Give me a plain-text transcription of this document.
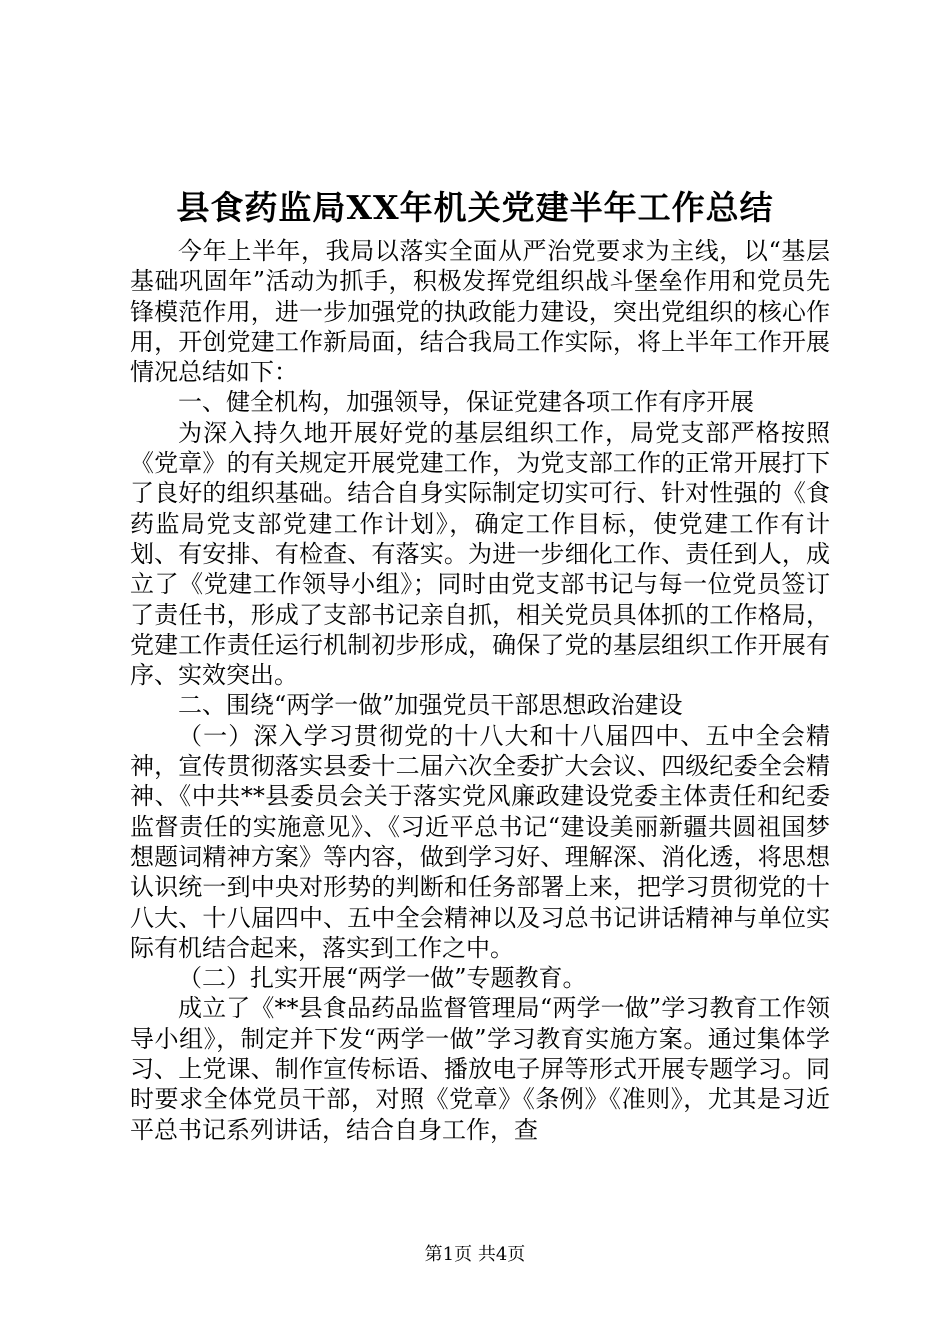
县食药监局XX年机关党建半年工作总结

今年上半年，我局以落实全面从严治党要求为主线，以“基层基础巩固年”活动为抓手，积极发挥党组织战斗堡垒作用和党员先锋模范作用，进一步加强党的执政能力建设，突出党组织的核心作用，开创党建工作新局面，结合我局工作实际，将上半年工作开展情况总结如下：

一、健全机构，加强领导，保证党建各项工作有序开展

为深入持久地开展好党的基层组织工作，局党支部严格按照《党章》的有关规定开展党建工作，为党支部工作的正常开展打下了良好的组织基础。结合自身实际制定切实可行、针对性强的《食药监局党支部党建工作计划》，确定工作目标，使党建工作有计划、有安排、有检查、有落实。为进一步细化工作、责任到人，成立了《党建工作领导小组》；同时由党支部书记与每一位党员签订了责任书，形成了支部书记亲自抓，相关党员具体抓的工作格局，党建工作责任运行机制初步形成，确保了党的基层组织工作开展有序、实效突出。

二、围绕“两学一做”加强党员干部思想政治建设

（一）深入学习贯彻党的十八大和十八届四中、五中全会精神，宣传贯彻落实县委十二届六次全委扩大会议、四级纪委全会精神、《中共**县委员会关于落实党风廉政建设党委主体责任和纪委监督责任的实施意见》、《习近平总书记“建设美丽新疆共圆祖国梦想题词精神方案》等内容，做到学习好、理解深、消化透，将思想认识统一到中央对形势的判断和任务部署上来，把学习贯彻党的十八大、十八届四中、五中全会精神以及习总书记讲话精神与单位实际有机结合起来，落实到工作之中。

（二）扎实开展“两学一做”专题教育。

成立了《**县食品药品监督管理局“两学一做”学习教育工作领导小组》，制定并下发“两学一做”学习教育实施方案。通过集体学习、上党课、制作宣传标语、播放电子屏等形式开展专题学习。同时要求全体党员干部，对照《党章》《条例》《准则》，尤其是习近平总书记系列讲话，结合自身工作，查

第1页 共4页
